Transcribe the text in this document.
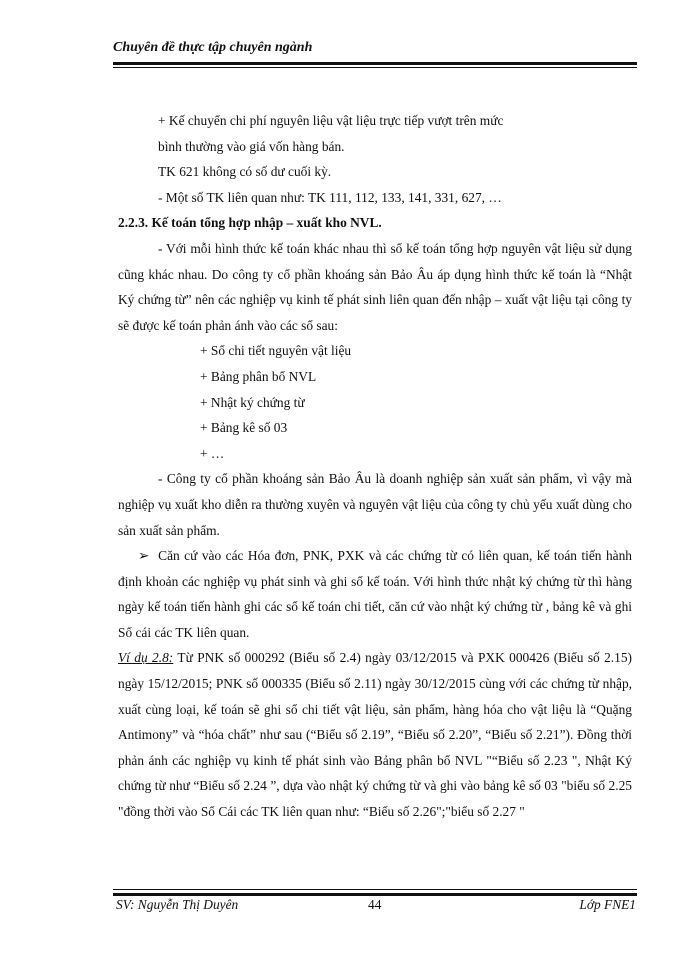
Chuyên đề thực tập chuyên ngành

+ Kế chuyển chi phí nguyên liệu vật liệu trực tiếp vượt trên mức

bình thường vào giá vốn hàng bán.

TK 621 không có số dư cuối kỳ.

- Một số TK liên quan như: TK 111, 112, 133, 141, 331, 627, …

2.2.3. Kế toán tổng hợp nhập – xuất kho NVL.

- Với mỗi hình thức kế toán khác nhau thì sổ kế toán tổng hợp nguyên vật liệu sử dụng cũng khác nhau. Do công ty cổ phần khoáng sản Bảo Âu áp dụng hình thức kế toán là “Nhật Ký chứng từ” nên các nghiệp vụ kinh tế phát sinh liên quan đến nhập – xuất vật liệu tại công ty sẽ được kế toán phản ánh vào các sổ sau:

+ Sổ chi tiết nguyên vật liệu

+ Bảng phân bổ NVL

+ Nhật ký chứng từ

+ Bảng kê số 03

+ …

- Công ty cổ phần khoáng sản Bảo Âu là doanh nghiệp sản xuất sản phẩm, vì vậy mà nghiệp vụ xuất kho diễn ra thường xuyên và nguyên vật liệu của công ty chủ yếu xuất dùng cho sản xuất sản phẩm.

➢ Căn cứ vào các Hóa đơn, PNK, PXK và các chứng từ có liên quan, kế toán tiến hành định khoản các nghiệp vụ phát sinh và ghi sổ kế toán. Với hình thức nhật ký chứng từ thì hàng ngày kế toán tiến hành ghi các sổ kế toán chi tiết, căn cứ vào nhật ký chứng từ , bảng kê và ghi Sổ cái các TK liên quan.

Ví dụ 2.8: Từ PNK số 000292 (Biểu số 2.4) ngày 03/12/2015 và PXK 000426 (Biểu số 2.15) ngày 15/12/2015; PNK số 000335 (Biểu số 2.11) ngày 30/12/2015 cùng với các chứng từ nhập, xuất cùng loại, kế toán sẽ ghi sổ chi tiết vật liệu, sản phẩm, hàng hóa cho vật liệu là “Quặng Antimony” và “hóa chất” như sau (“Biểu số 2.19”, “Biểu số 2.20”, “Biểu số 2.21”). Đồng thời phản ánh các nghiệp vụ kinh tế phát sinh vào Bảng phân bổ NVL "“Biểu số 2.23 ", Nhật Ký chứng từ như “Biểu số 2.24 ”, dựa vào nhật ký chứng từ và ghi vào bảng kê số 03 "biểu số 2.25 "đồng thời vào Sổ Cái các TK liên quan như: “Biểu số 2.26";"biểu số 2.27 "

SV: Nguyễn Thị Duyên	44	Lớp FNE1
